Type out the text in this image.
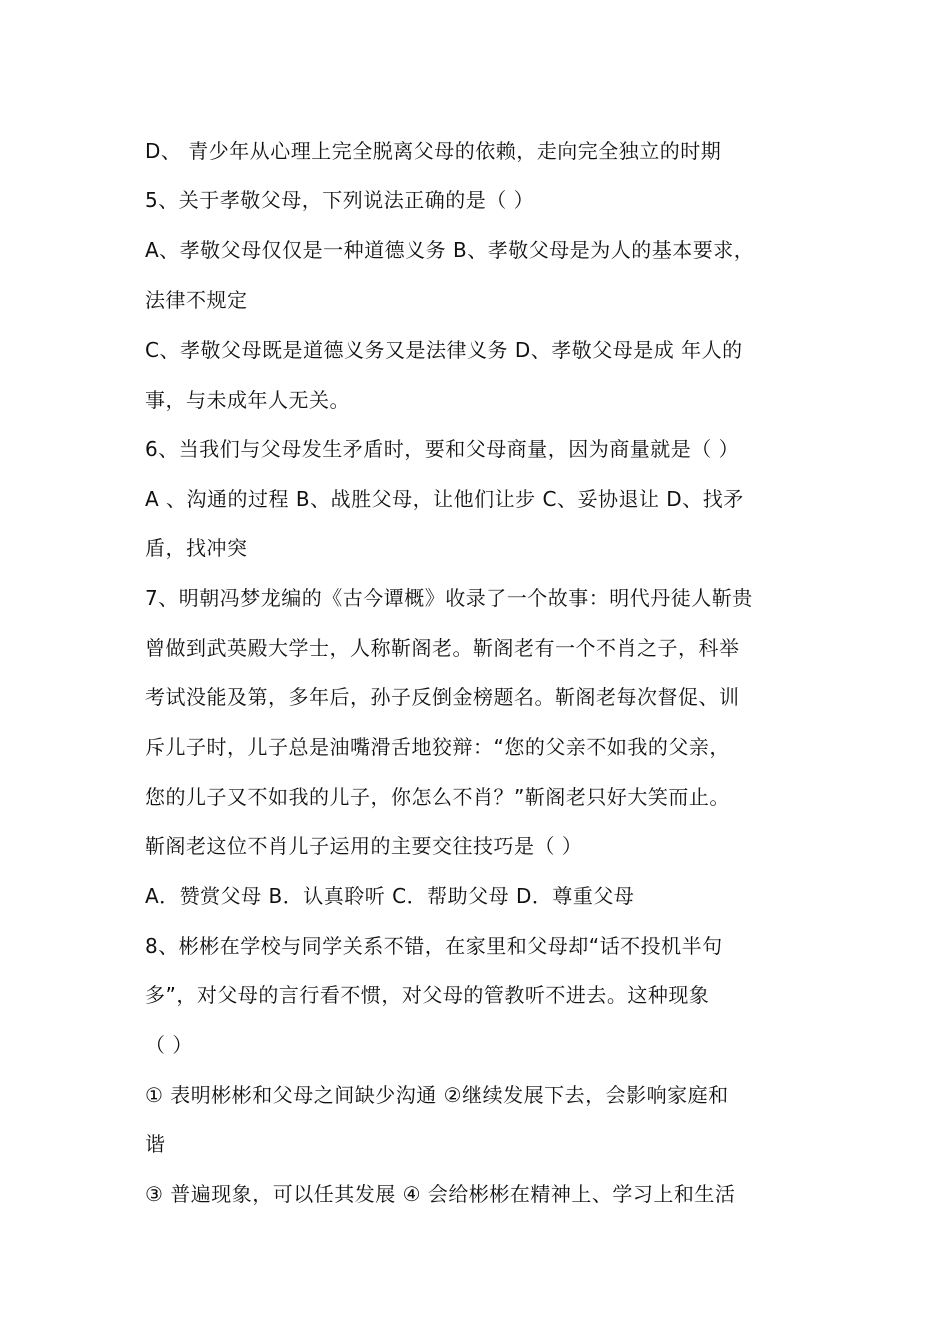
D、 青少年从心理上完全脱离父母的依赖，走向完全独立的时期
5、关于孝敬父母，下列说法正确的是（ ）
A、孝敬父母仅仅是一种道德义务 B、孝敬父母是为人的基本要求，
法律不规定
C、孝敬父母既是道德义务又是法律义务 D、孝敬父母是成 年人的
事，与未成年人无关。
6、当我们与父母发生矛盾时，要和父母商量，因为商量就是（ ）
A 、沟通的过程 B、战胜父母，让他们让步 C、妥协退让 D、找矛
盾，找冲突
7、明朝冯梦龙编的《古今谭概》收录了一个故事：明代丹徒人靳贵
曾做到武英殿大学士，人称靳阁老。靳阁老有一个不肖之子，科举
考试没能及第，多年后，孙子反倒金榜题名。靳阁老每次督促、训
斥儿子时，儿子总是油嘴滑舌地狡辩：“您的父亲不如我的父亲，
您的儿子又不如我的儿子，你怎么不肖？”靳阁老只好大笑而止。
靳阁老这位不肖儿子运用的主要交往技巧是（ ）
A．赞赏父母 B．认真聆听 C．帮助父母 D．尊重父母
8、彬彬在学校与同学关系不错，在家里和父母却“话不投机半句
多”，对父母的言行看不惯，对父母的管教听不进去。这种现象
（ ）
① 表明彬彬和父母之间缺少沟通 ②继续发展下去，会影响家庭和
谐
③ 普遍现象，可以任其发展 ④ 会给彬彬在精神上、学习上和生活
